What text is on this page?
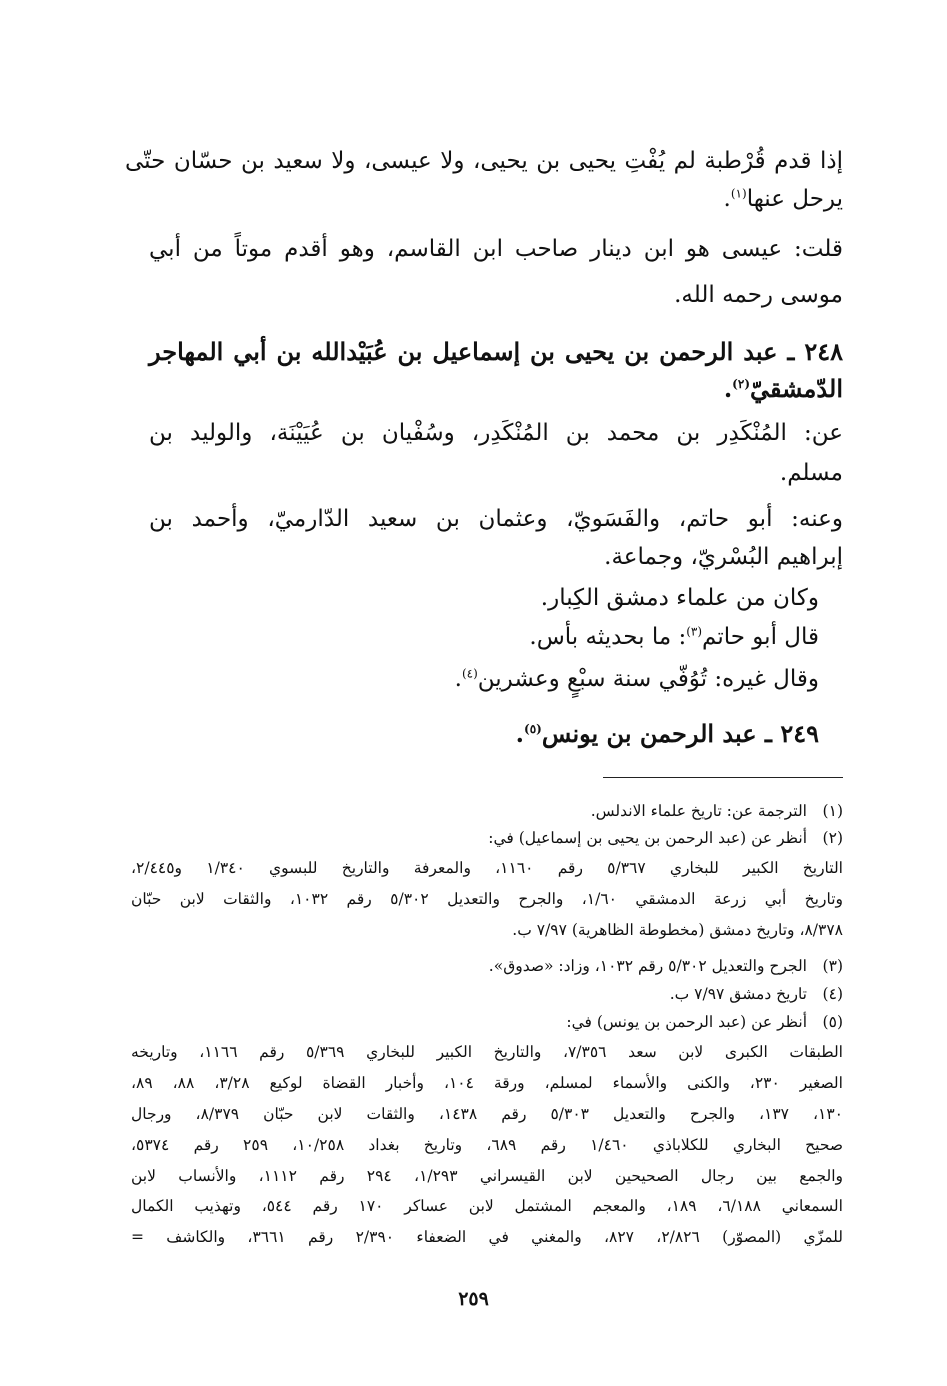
إذا قدم قُرْطبة لم يُفْتِ يحيى بن يحيى، ولا عيسى، ولا سعيد بن حسّان حتّى
يرحل عنها$^{(١)}$.
قلت: عيسى هو ابن دينار صاحب ابن القاسم، وهو أقدم موتاً من أبي
موسى رحمه الله.
٢٤٨ ـ عبد الرحمن بن يحيى بن إسماعيل بن عُبَيْدالله بن أبي المهاجر
الدّمشقيّ$^{(٢)}$.
عن: المُنْكَدِر بن محمد بن المُنْكَدِر، وسُفْيان بن عُيَيْنَة، والوليد بن
مسلم.
وعنه: أبو حاتم، والفَسَويّ، وعثمان بن سعيد الدّارميّ، وأحمد بن
إبراهيم البُسْريّ، وجماعة.
وكان من علماء دمشق الكِبار.
قال أبو حاتم$^{(٣)}$: ما بحديثه بأس.
وقال غيره: تُوُفّي سنة سبْعٍ وعشرين$^{(٤)}$.
٢٤٩ ـ عبد الرحمن بن يونس$^{(٥)}$.
(١)الترجمة عن: تاريخ علماء الاندلس.
(٢)أنظر عن (عبد الرحمن بن يحيى بن إسماعيل) في:
التاريخ الكبير للبخاري ٥/٣٦٧ رقم ١١٦٠، والمعرفة والتاريخ للبسوي ١/٣٤٠ و٢/٤٤٥،
وتاريخ أبي زرعة الدمشقي ١/٦٠، والجرح والتعديل ٥/٣٠٢ رقم ١٠٣٢، والثقات لابن حبّان
٨/٣٧٨، وتاريخ دمشق (مخطوطة الظاهرية) ٧/٩٧ ب.
(٣)الجرح والتعديل ٥/٣٠٢ رقم ١٠٣٢، وزاد: «صدوق».
(٤)تاريخ دمشق ٧/٩٧ ب.
(٥)أنظر عن (عبد الرحمن بن يونس) في:
الطبقات الكبرى لابن سعد ٧/٣٥٦، والتاريخ الكبير للبخاري ٥/٣٦٩ رقم ١١٦٦، وتاريخه
الصغير ٢٣٠، والكنى والأسماء لمسلم، ورقة ١٠٤، وأخبار القضاة لوكيع ٣/٢٨، ٨٨، ٨٩،
١٣٠، ١٣٧، والجرح والتعديل ٥/٣٠٣ رقم ١٤٣٨، والثقات لابن حبّان ٨/٣٧٩، ورجال
صحيح البخاري للكلاباذي ١/٤٦٠ رقم ٦٨٩، وتاريخ بغداد ١٠/٢٥٨، ٢٥٩ رقم ٥٣٧٤،
والجمع بين رجال الصحيحين لابن القيسراني ١/٢٩٣، ٢٩٤ رقم ١١١٢، والأنساب لابن
السمعاني ٦/١٨٨، ١٨٩، والمعجم المشتمل لابن عساكر ١٧٠ رقم ٥٤٤، وتهذيب الكمال
للمزّي (المصوّر) ٢/٨٢٦، ٨٢٧، والمغني في الضعفاء ٢/٣٩٠ رقم ٣٦٦١، والكاشف =
٢٥٩
